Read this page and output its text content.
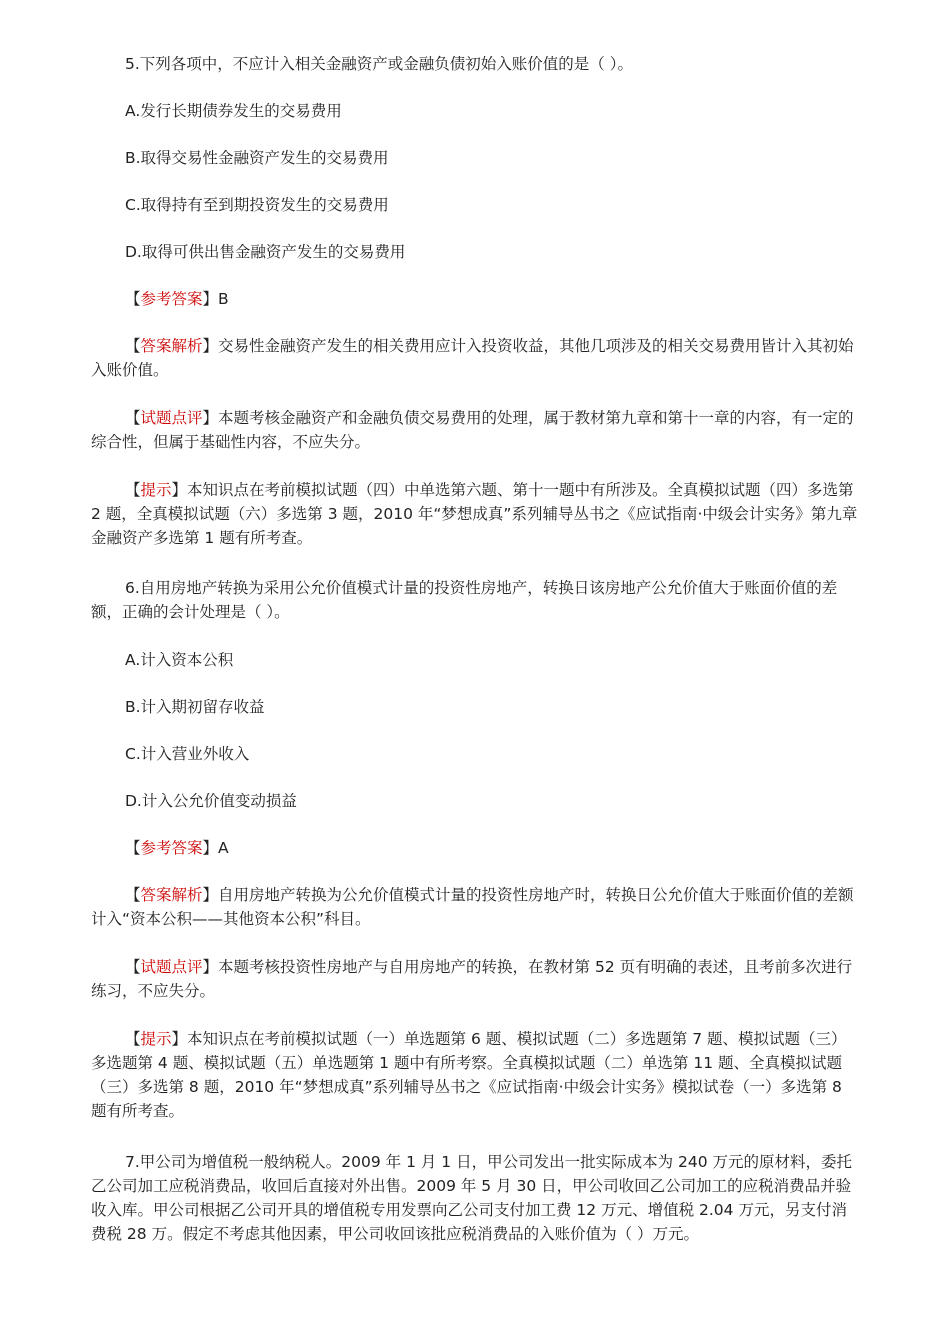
5.下列各项中，不应计入相关金融资产或金融负债初始入账价值的是（ ）。

A.发行长期债券发生的交易费用

B.取得交易性金融资产发生的交易费用

C.取得持有至到期投资发生的交易费用

D.取得可供出售金融资产发生的交易费用

【参考答案】B

【答案解析】交易性金融资产发生的相关费用应计入投资收益，其他几项涉及的相关交易费用皆计入其初始入账价值。

【试题点评】本题考核金融资产和金融负债交易费用的处理，属于教材第九章和第十一章的内容，有一定的综合性，但属于基础性内容，不应失分。

【提示】本知识点在考前模拟试题（四）中单选第六题、第十一题中有所涉及。全真模拟试题（四）多选第 2 题，全真模拟试题（六）多选第 3 题，2010 年“梦想成真”系列辅导丛书之《应试指南·中级会计实务》第九章 金融资产多选第 1 题有所考查。

6.自用房地产转换为采用公允价值模式计量的投资性房地产，转换日该房地产公允价值大于账面价值的差额，正确的会计处理是（ ）。

A.计入资本公积

B.计入期初留存收益

C.计入营业外收入

D.计入公允价值变动损益

【参考答案】A

【答案解析】自用房地产转换为公允价值模式计量的投资性房地产时，转换日公允价值大于账面价值的差额计入“资本公积——其他资本公积”科目。

【试题点评】本题考核投资性房地产与自用房地产的转换，在教材第 52 页有明确的表述，且考前多次进行练习，不应失分。

【提示】本知识点在考前模拟试题（一）单选题第 6 题、模拟试题（二）多选题第 7 题、模拟试题（三）多选题第 4 题、模拟试题（五）单选题第 1 题中有所考察。全真模拟试题（二）单选第 11 题、全真模拟试题（三）多选第 8 题，2010 年“梦想成真”系列辅导丛书之《应试指南·中级会计实务》模拟试卷（一）多选第 8 题有所考查。

7.甲公司为增值税一般纳税人。2009 年 1 月 1 日，甲公司发出一批实际成本为 240 万元的原材料，委托乙公司加工应税消费品，收回后直接对外出售。2009 年 5 月 30 日，甲公司收回乙公司加工的应税消费品并验收入库。甲公司根据乙公司开具的增值税专用发票向乙公司支付加工费 12 万元、增值税 2.04 万元，另支付消费税 28 万。假定不考虑其他因素，甲公司收回该批应税消费品的入账价值为（ ）万元。
